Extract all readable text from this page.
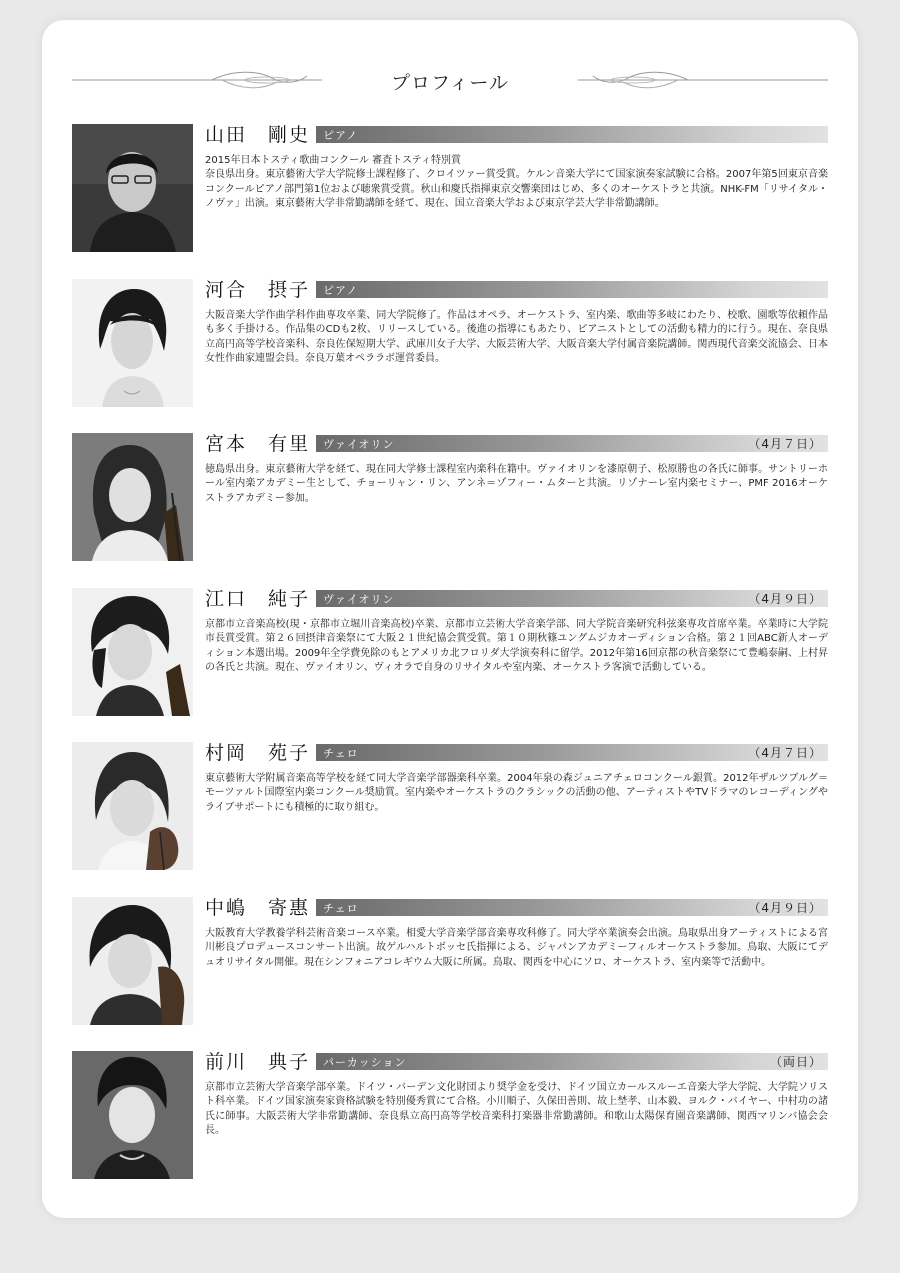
プロフィール
山田　剛史 ピアノ
2015年日本トスティ歌曲コンクール 審査トスティ特別賞
奈良県出身。東京藝術大学大学院修士課程修了、クロイツァー賞受賞。ケルン音楽大学にて国家演奏家試験に合格。2007年第5回東京音楽コンクールピアノ部門第1位および聴衆賞受賞。秋山和慶氏指揮東京交響楽団はじめ、多くのオーケストラと共演。NHK-FM「リサイタル・ノヴァ」出演。東京藝術大学非常勤講師を経て、現在、国立音楽大学および東京学芸大学非常勤講師。
河合　摂子 ピアノ
大阪音楽大学作曲学科作曲専攻卒業、同大学院修了。作品はオペラ、オーケストラ、室内楽、歌曲等多岐にわたり、校歌、園歌等依頼作品も多く手掛ける。作品集のCDも2枚、リリースしている。後進の指導にもあたり、ピアニストとしての活動も精力的に行う。現在、奈良県立高円高等学校音楽科、奈良佐保短期大学、武庫川女子大学、大阪芸術大学、大阪音楽大学付属音楽院講師。関西現代音楽交流協会、日本女性作曲家連盟会員。奈良万葉オペララボ運営委員。
宮本　有里 ヴァイオリン	（4月７日）
徳島県出身。東京藝術大学を経て、現在同大学修士課程室内楽科在籍中。ヴァイオリンを漆原朝子、松原勝也の各氏に師事。サントリーホール室内楽アカデミー生として、チョーリャン・リン、アンネ＝ゾフィー・ムターと共演。リゾナーレ室内楽セミナー、PMF 2016オーケストラアカデミー参加。
江口　純子 ヴァイオリン	（4月９日）
京都市立音楽高校(現・京都市立堀川音楽高校)卒業、京都市立芸術大学音楽学部、同大学院音楽研究科弦楽専攻首席卒業。卒業時に大学院市長賞受賞。第２６回摂津音楽祭にて大阪２１世紀協会賞受賞。第１０期秋篠ユングムジカオーディション合格。第２１回ABC新人オーディション本選出場。2009年全学費免除のもとアメリカ北フロリダ大学演奏科に留学。2012年第16回京都の秋音楽祭にて豊嶋泰嗣、上村昇の各氏と共演。現在、ヴァイオリン、ヴィオラで自身のリサイタルや室内楽、オーケストラ客演で活動している。
村岡　苑子 チェロ	（4月７日）
東京藝術大学附属音楽高等学校を経て同大学音楽学部器楽科卒業。2004年泉の森ジュニアチェロコンクール銀賞。2012年ザルツブルグ＝モーツァルト国際室内楽コンクール奨励賞。室内楽やオーケストラのクラシックの活動の他、アーティストやTVドラマのレコーディングやライブサポートにも積極的に取り組む。
中嶋　寄惠 チェロ	（4月９日）
大阪教育大学教養学科芸術音楽コース卒業。相愛大学音楽学部音楽専攻科修了。同大学卒業演奏会出演。鳥取県出身アーティストによる宮川彬良プロデュースコンサート出演。故ゲルハルトボッセ氏指揮による、ジャパンアカデミーフィルオーケストラ参加。鳥取、大阪にてデュオリサイタル開催。現在シンフォニアコレギウム大阪に所属。鳥取、関西を中心にソロ、オーケストラ、室内楽等で活動中。
前川　典子 パーカッション	（両日）
京都市立芸術大学音楽学部卒業。ドイツ・バーデン文化財団より奨学金を受け、ドイツ国立カールスルーエ音楽大学大学院、大学院ソリスト科卒業。ドイツ国家演奏家資格試験を特別優秀賞にて合格。小川順子、久保田善則、故上埜孝、山本毅、ヨルク・バイヤー、中村功の諸氏に師事。大阪芸術大学非常勤講師、奈良県立高円高等学校音楽科打楽器非常勤講師。和歌山太陽保育園音楽講師、関西マリンバ協会会長。
